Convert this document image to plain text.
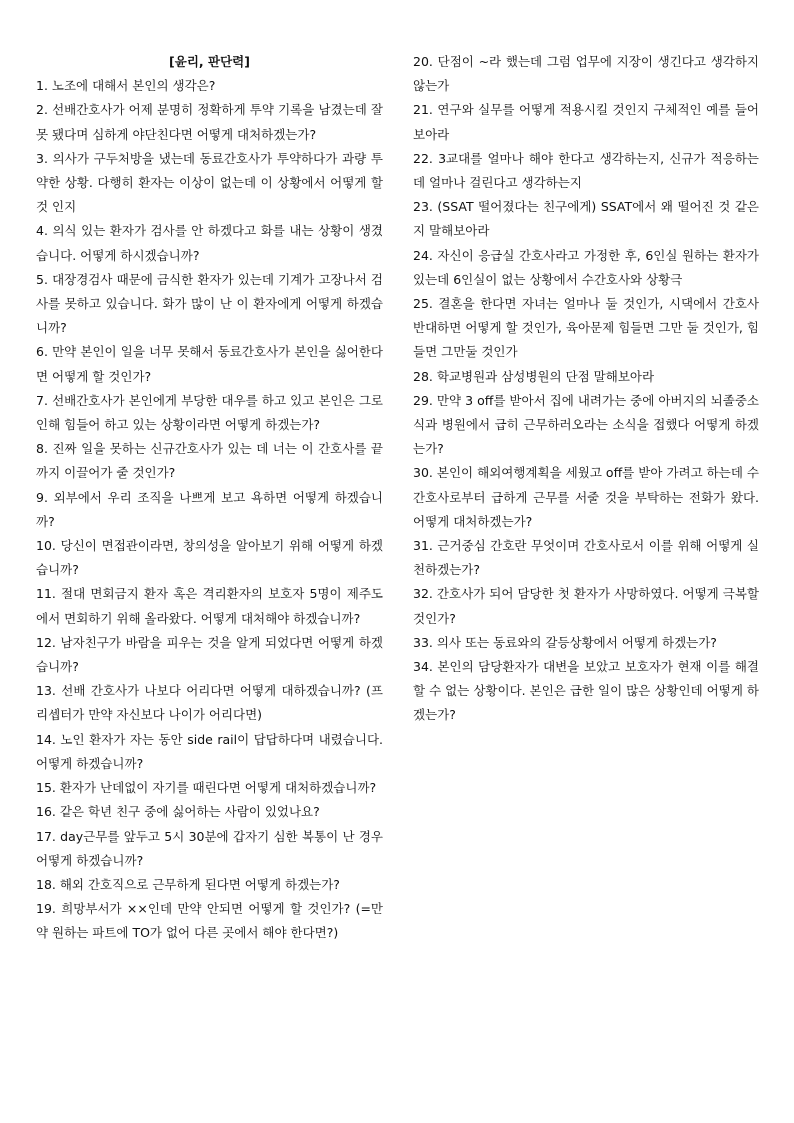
[윤리, 판단력]

1. 노조에 대해서 본인의 생각은?

2. 선배간호사가 어제 분명히 정확하게 투약 기록을 남겼는데 잘못 됐다며 심하게 야단친다면 어떻게 대처하겠는가?

3. 의사가 구두처방을 냈는데 동료간호사가 투약하다가 과량 투약한 상황. 다행히 환자는 이상이 없는데 이 상황에서 어떻게 할 것 인지

4. 의식 있는 환자가 검사를 안 하겠다고 화를 내는 상황이 생겼습니다. 어떻게 하시겠습니까?

5. 대장경검사 때문에 금식한 환자가 있는데 기계가 고장나서 검사를 못하고 있습니다. 화가 많이 난 이 환자에게 어떻게 하겠습니까?

6. 만약 본인이 일을 너무 못해서 동료간호사가 본인을 싫어한다면 어떻게 할 것인가?

7. 선배간호사가 본인에게 부당한 대우를 하고 있고 본인은 그로 인해 힘들어 하고 있는 상황이라면 어떻게 하겠는가?

8. 진짜 일을 못하는 신규간호사가 있는 데 너는 이 간호사를 끝까지 이끌어가 줄 것인가?

9. 외부에서 우리 조직을 나쁘게 보고 욕하면 어떻게 하겠습니까?

10. 당신이 면접관이라면, 창의성을 알아보기 위해 어떻게 하겠습니까?

11. 절대 면회금지 환자 혹은 격리환자의 보호자 5명이 제주도에서 면회하기 위해 올라왔다. 어떻게 대처해야 하겠습니까?

12. 남자친구가 바람을 피우는 것을 알게 되었다면 어떻게 하겠습니까?

13. 선배 간호사가 나보다 어리다면 어떻게 대하겠습니까? (프리셉터가 만약 자신보다 나이가 어리다면)

14. 노인 환자가 자는 동안 side rail이 답답하다며 내렸습니다. 어떻게 하겠습니까?

15. 환자가 난데없이 자기를 때린다면 어떻게 대처하겠습니까?

16. 같은 학년 친구 중에 싫어하는 사람이 있었나요?

17. day근무를 앞두고 5시 30분에 갑자기 심한 복통이 난 경우 어떻게 하겠습니까?

18. 해외 간호직으로 근무하게 된다면 어떻게 하겠는가?

19. 희망부서가 ××인데 만약 안되면 어떻게 할 것인가? (=만약 원하는 파트에 TO가 없어 다른 곳에서 해야 한다면?)

20. 단점이 ~라 했는데 그럼 업무에 지장이 생긴다고 생각하지 않는가

21. 연구와 실무를 어떻게 적용시킬 것인지 구체적인 예를 들어보아라

22. 3교대를 얼마나 해야 한다고 생각하는지, 신규가 적응하는데 얼마나 걸린다고 생각하는지

23. (SSAT 떨어졌다는 친구에게) SSAT에서 왜 떨어진 것 같은지 말해보아라

24. 자신이 응급실 간호사라고 가정한 후, 6인실 원하는 환자가 있는데 6인실이 없는 상황에서 수간호사와 상황극

25. 결혼을 한다면 자녀는 얼마나 둘 것인가, 시댁에서 간호사 반대하면 어떻게 할 것인가, 육아문제 힘들면 그만 둘 것인가, 힘들면 그만둘 것인가

28. 학교병원과 삼성병원의 단점 말해보아라

29. 만약 3 off를 받아서 집에 내려가는 중에 아버지의 뇌졸중소식과 병원에서 급히 근무하러오라는 소식을 접했다 어떻게 하겠는가?

30. 본인이 해외여행계획을 세웠고 off를 받아 가려고 하는데 수간호사로부터 급하게 근무를 서줄 것을 부탁하는 전화가 왔다. 어떻게 대처하겠는가?

31. 근거중심 간호란 무엇이며 간호사로서 이를 위해 어떻게 실천하겠는가?

32. 간호사가 되어 담당한 첫 환자가 사망하였다. 어떻게 극복할 것인가?

33. 의사 또는 동료와의 갈등상황에서 어떻게 하겠는가?

34. 본인의 담당환자가 대변을 보았고 보호자가 현재 이를 해결 할 수 없는 상황이다. 본인은 급한 일이 많은 상황인데 어떻게 하겠는가?
